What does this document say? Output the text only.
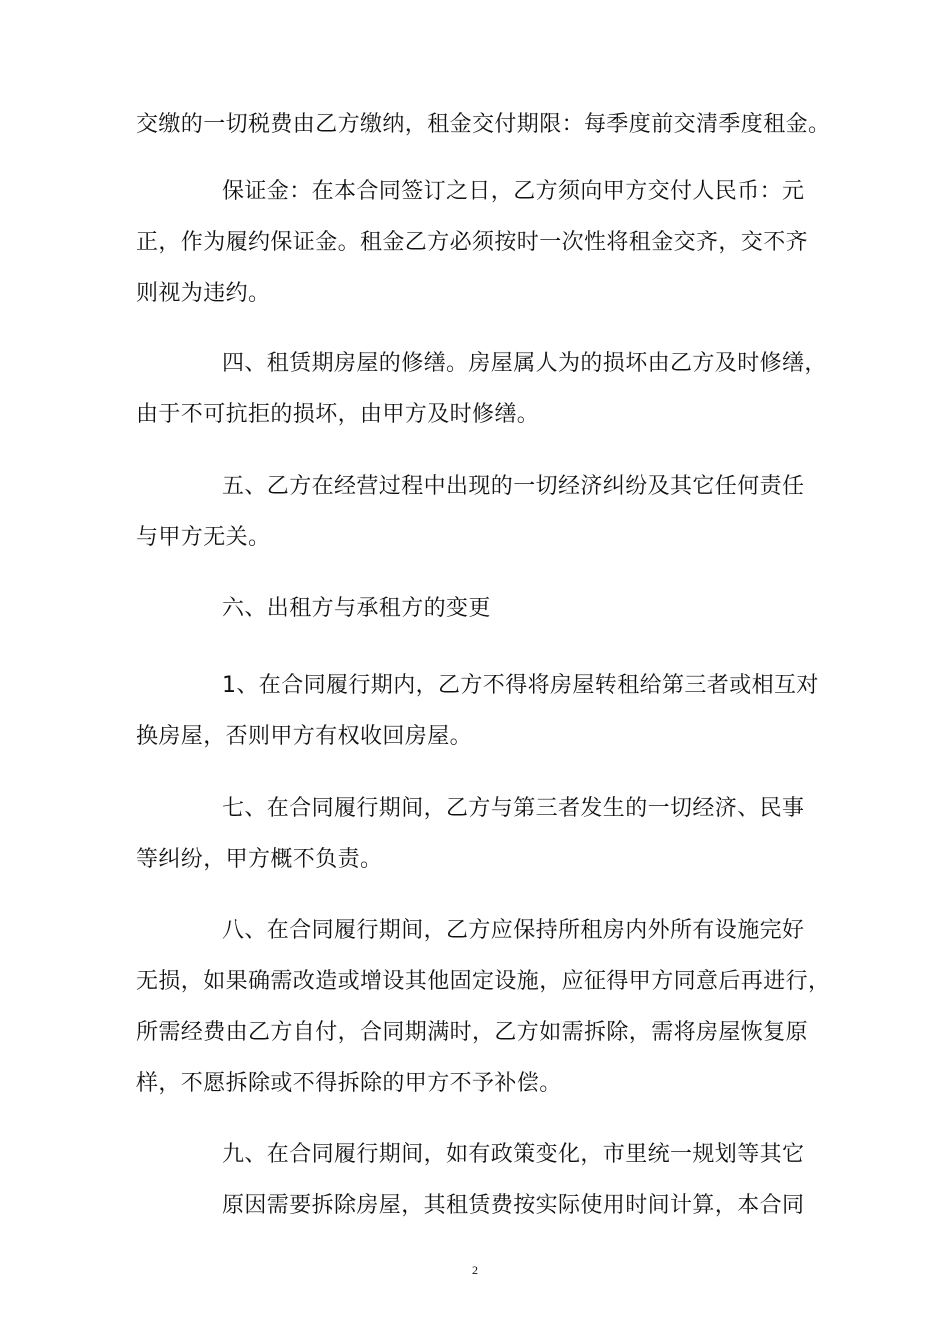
交缴的一切税费由乙方缴纳，租金交付期限：每季度前交清季度租金。
保证金：在本合同签订之日，乙方须向甲方交付人民币：元
正，作为履约保证金。租金乙方必须按时一次性将租金交齐，交不齐
则视为违约。
四、租赁期房屋的修缮。房屋属人为的损坏由乙方及时修缮，
由于不可抗拒的损坏，由甲方及时修缮。
五、乙方在经营过程中出现的一切经济纠纷及其它任何责任
与甲方无关。
六、出租方与承租方的变更
1、在合同履行期内，乙方不得将房屋转租给第三者或相互对
换房屋，否则甲方有权收回房屋。
七、在合同履行期间，乙方与第三者发生的一切经济、民事
等纠纷，甲方概不负责。
八、在合同履行期间，乙方应保持所租房内外所有设施完好
无损，如果确需改造或增设其他固定设施，应征得甲方同意后再进行，
所需经费由乙方自付，合同期满时，乙方如需拆除，需将房屋恢复原
样，不愿拆除或不得拆除的甲方不予补偿。
九、在合同履行期间，如有政策变化，市里统一规划等其它
原因需要拆除房屋，其租赁费按实际使用时间计算，本合同
2
